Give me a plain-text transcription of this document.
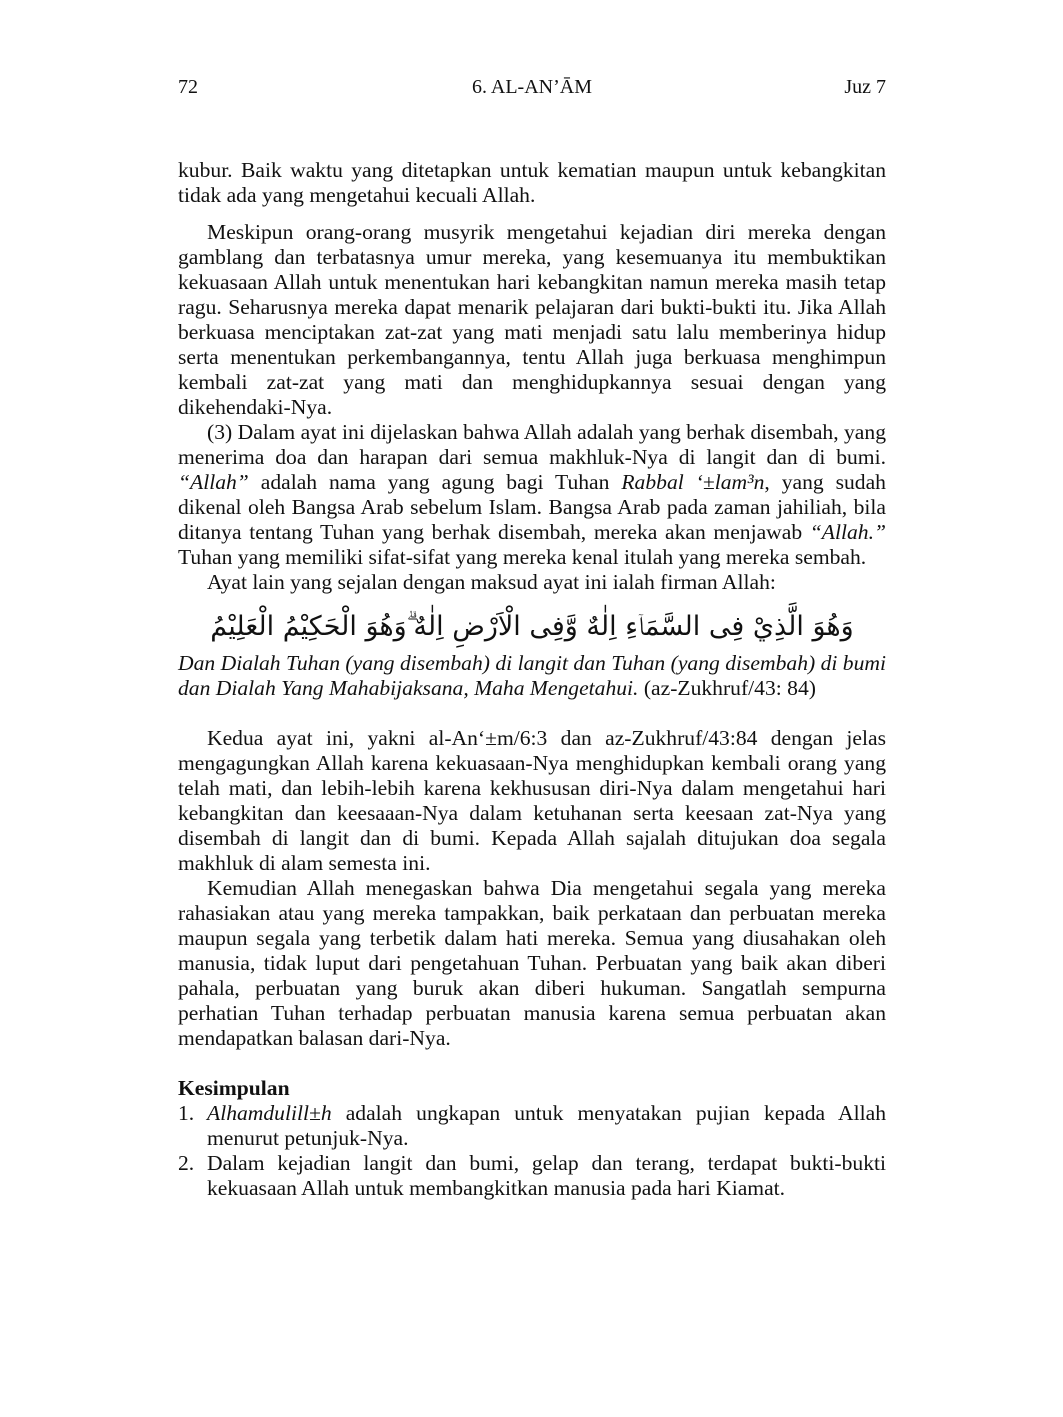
72	6. AL-AN’ĀM	Juz 7

kubur. Baik waktu yang ditetapkan untuk kematian maupun untuk kebangkitan tidak ada yang mengetahui kecuali Allah.

Meskipun orang-orang musyrik mengetahui kejadian diri mereka dengan gamblang dan terbatasnya umur mereka, yang kesemuanya itu membuktikan kekuasaan Allah untuk menentukan hari kebangkitan namun mereka masih tetap ragu. Seharusnya mereka dapat menarik pelajaran dari bukti-bukti itu. Jika Allah berkuasa menciptakan zat-zat yang mati menjadi satu lalu memberinya hidup serta menentukan perkembangannya, tentu Allah juga berkuasa menghimpun kembali zat-zat yang mati dan menghidupkannya sesuai dengan yang dikehendaki-Nya.

(3) Dalam ayat ini dijelaskan bahwa Allah adalah yang berhak disembah, yang menerima doa dan harapan dari semua makhluk-Nya di langit dan di bumi. “Allah” adalah nama yang agung bagi Tuhan Rabbal ‘±lam³n, yang sudah dikenal oleh Bangsa Arab sebelum Islam. Bangsa Arab pada zaman jahiliah, bila ditanya tentang Tuhan yang berhak disembah, mereka akan menjawab “Allah.” Tuhan yang memiliki sifat-sifat yang mereka kenal itulah yang mereka sembah.

Ayat lain yang sejalan dengan maksud ayat ini ialah firman Allah:

وَهُوَ الَّذِيْ فِى السَّمَاۤءِ اِلٰهٌ وَّفِى الْاَرْضِ اِلٰهٌ ۗوَهُوَ الْحَكِيْمُ الْعَلِيْمُ

Dan Dialah Tuhan (yang disembah) di langit dan Tuhan (yang disembah) di bumi dan Dialah Yang Mahabijaksana, Maha Mengetahui. (az-Zukhruf/43: 84)

Kedua ayat ini, yakni al-An‘±m/6:3 dan az-Zukhruf/43:84 dengan jelas mengagungkan Allah karena kekuasaan-Nya menghidupkan kembali orang yang telah mati, dan lebih-lebih karena kekhususan diri-Nya dalam mengetahui hari kebangkitan dan keesaaan-Nya dalam ketuhanan serta keesaan zat-Nya yang disembah di langit dan di bumi. Kepada Allah sajalah ditujukan doa segala makhluk di alam semesta ini.

Kemudian Allah menegaskan bahwa Dia mengetahui segala yang mereka rahasiakan atau yang mereka tampakkan, baik perkataan dan perbuatan mereka maupun segala yang terbetik dalam hati mereka. Semua yang diusahakan oleh manusia, tidak luput dari pengetahuan Tuhan. Perbuatan yang baik akan diberi pahala, perbuatan yang buruk akan diberi hukuman. Sangatlah sempurna perhatian Tuhan terhadap perbuatan manusia karena semua perbuatan akan mendapatkan balasan dari-Nya.

Kesimpulan
1. Alhamdulill±h adalah ungkapan untuk menyatakan pujian kepada Allah menurut petunjuk-Nya.
2. Dalam kejadian langit dan bumi, gelap dan terang, terdapat bukti-bukti kekuasaan Allah untuk membangkitkan manusia pada hari Kiamat.
